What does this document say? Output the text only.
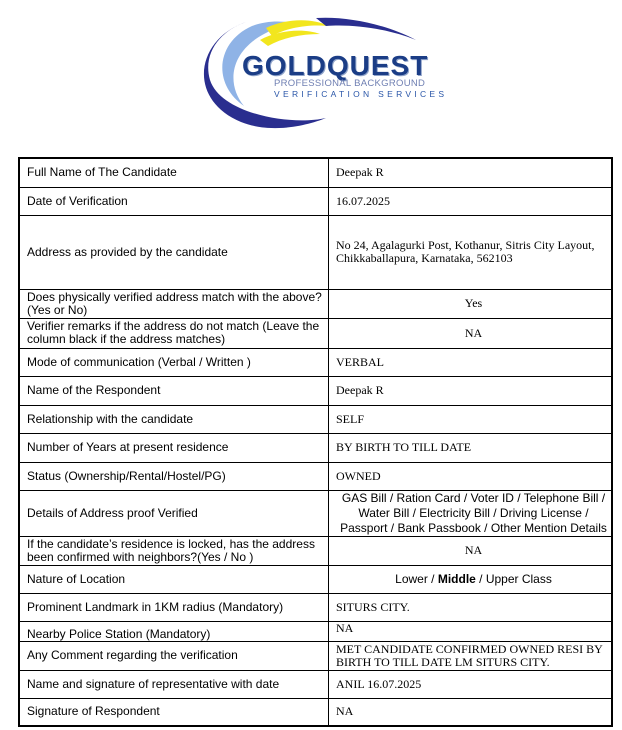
GOLDQUEST
PROFESSIONAL BACKGROUND
VERIFICATION SERVICES
Full Name of The Candidate	Deepak R
Date of Verification	16.07.2025
Address as provided by the candidate	No 24, Agalagurki Post, Kothanur, Sitris City Layout, Chikkaballapura, Karnataka, 562103
Does physically verified address match with the above? (Yes or No)	Yes
Verifier remarks if the address do not match (Leave the column black if the address matches)	NA
Mode of communication (Verbal / Written )	VERBAL
Name of the Respondent	Deepak R
Relationship with the candidate	SELF
Number of Years at present residence	BY BIRTH TO TILL DATE
Status (Ownership/Rental/Hostel/PG)	OWNED
Details of Address proof Verified	GAS Bill / Ration Card / Voter ID / Telephone Bill / Water Bill / Electricity Bill / Driving License / Passport / Bank Passbook / Other Mention Details
If the candidate’s residence is locked, has the address been confirmed with neighbors?(Yes / No )	NA
Nature of Location	Lower / Middle / Upper Class
Prominent Landmark in 1KM radius (Mandatory)	SITURS CITY.
Nearby Police Station (Mandatory)	NA
Any Comment regarding the verification	MET CANDIDATE CONFIRMED OWNED RESI BY BIRTH TO TILL DATE LM SITURS CITY.
Name and signature of representative with date	ANIL 16.07.2025
Signature of Respondent	NA
